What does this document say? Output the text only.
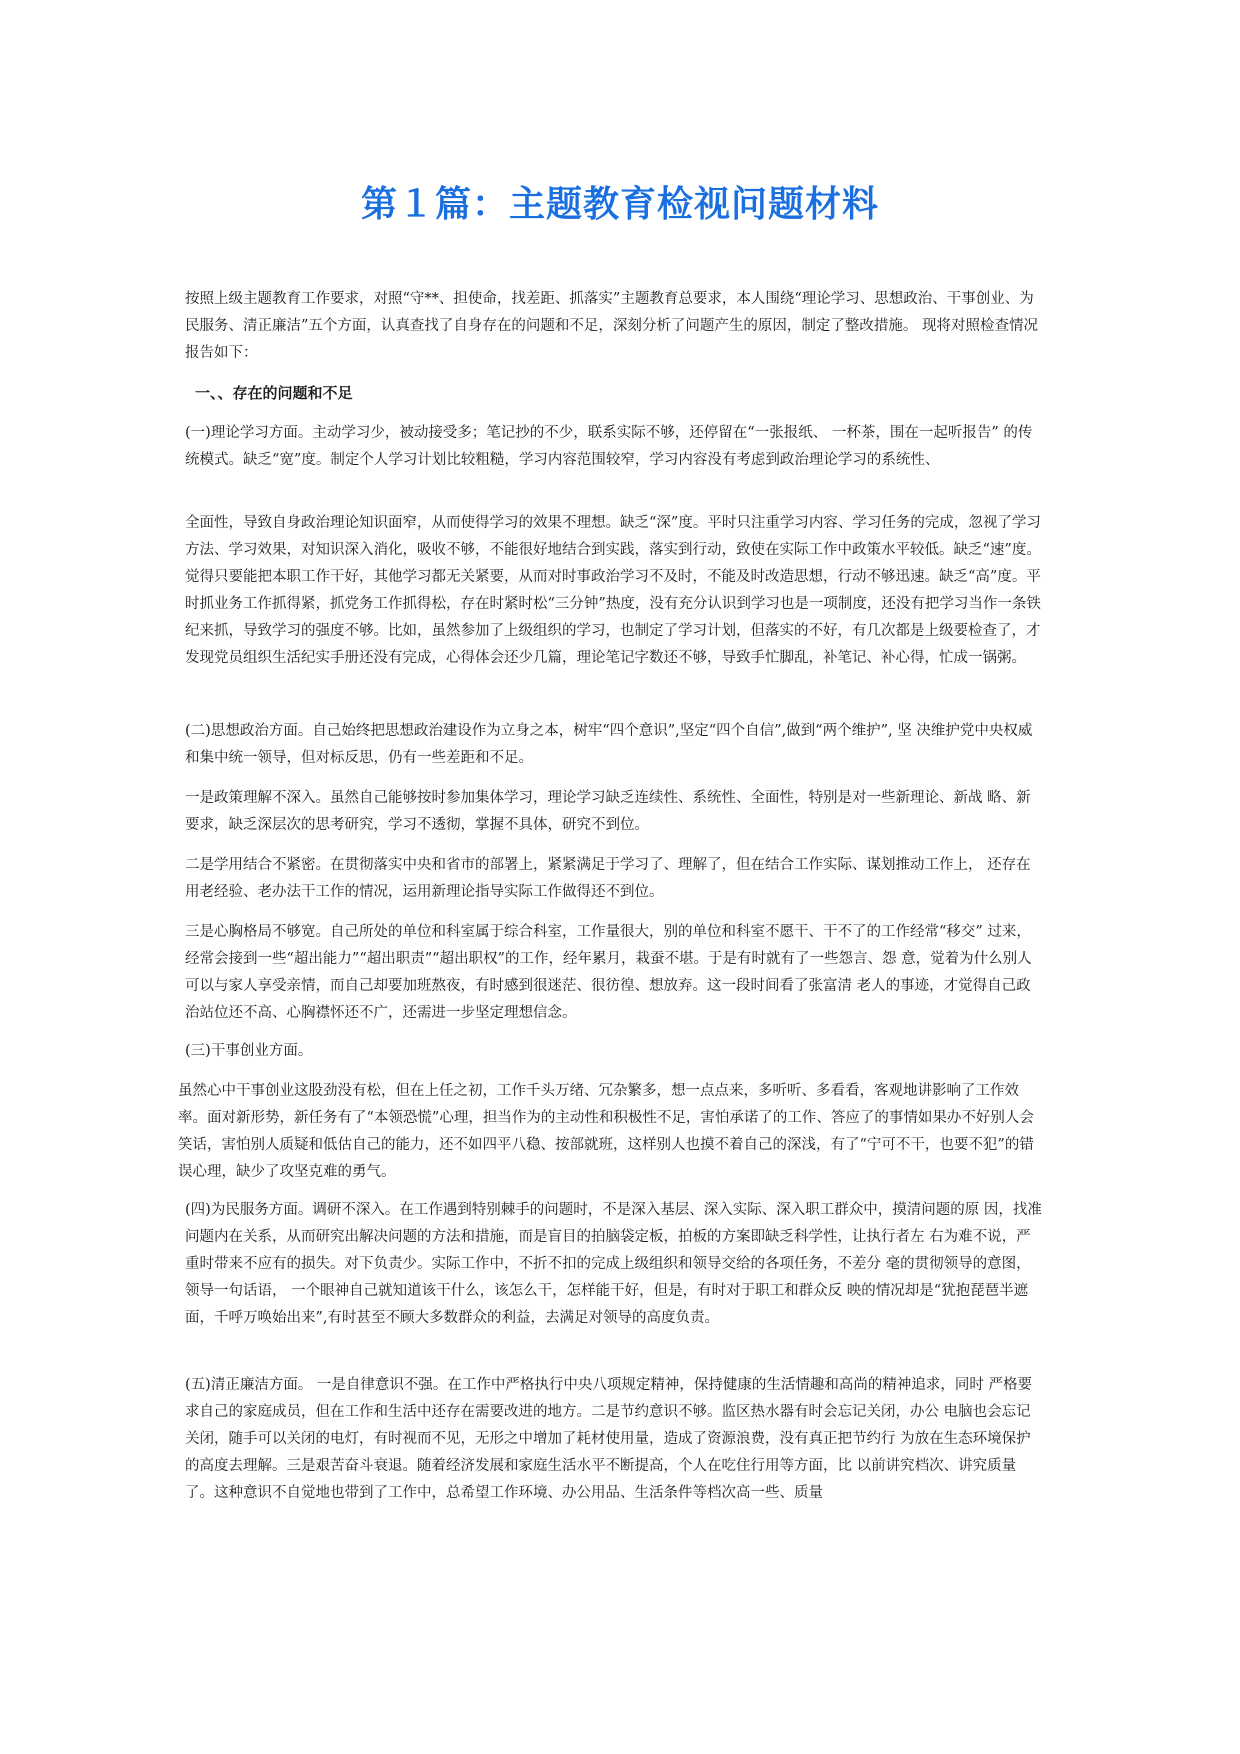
第１篇：主题教育检视问题材料

按照上级主题教育工作要求，对照“守**、担使命，找差距、抓落实”主题教育总要求，本人围绕“理论学习、思想政治、干事创业、为民服务、清正廉洁”五个方面，认真查找了自身存在的问题和不足，深刻分析了问题产生的原因，制定了整改措施。 现将对照检查情况报告如下：

一、、存在的问题和不足

(一)理论学习方面。主动学习少，被动接受多；笔记抄的不少，联系实际不够，还停留在“一张报纸、 一杯茶，围在一起听报告” 的传统模式。缺乏“宽”度。制定个人学习计划比较粗糙，学习内容范围较窄，学习内容没有考虑到政治理论学习的系统性、

全面性，导致自身政治理论知识面窄，从而使得学习的效果不理想。缺乏“深”度。平时只注重学习内容、学习任务的完成，忽视了学习方法、学习效果，对知识深入消化，吸收不够，不能很好地结合到实践，落实到行动，致使在实际工作中政策水平较低。缺乏“速”度。觉得只要能把本职工作干好，其他学习都无关紧要，从而对时事政治学习不及时，不能及时改造思想，行动不够迅速。缺乏“高”度。平时抓业务工作抓得紧，抓党务工作抓得松，存在时紧时松“三分钟”热度，没有充分认识到学习也是一项制度，还没有把学习当作一条铁纪来抓，导致学习的强度不够。比如，虽然参加了上级组织的学习，也制定了学习计划，但落实的不好，有几次都是上级要检查了，才发现党员组织生活纪实手册还没有完成，心得体会还少几篇，理论笔记字数还不够，导致手忙脚乱，补笔记、补心得，忙成一锅粥。

(二)思想政治方面。自己始终把思想政治建设作为立身之本，树牢“四个意识”,坚定“四个自信”,做到“两个维护”, 坚 决维护党中央权威和集中统一领导，但对标反思，仍有一些差距和不足。

一是政策理解不深入。虽然自己能够按时参加集体学习，理论学习缺乏连续性、系统性、全面性，特别是对一些新理论、新战 略、新要求，缺乏深层次的思考研究，学习不透彻，掌握不具体，研究不到位。

二是学用结合不紧密。在贯彻落实中央和省市的部署上，紧紧满足于学习了、理解了，但在结合工作实际、谋划推动工作上， 还存在用老经验、老办法干工作的情况，运用新理论指导实际工作做得还不到位。

三是心胸格局不够宽。自己所处的单位和科室属于综合科室，工作量很大，别的单位和科室不愿干、干不了的工作经常“移交” 过来，经常会接到一些“超出能力”“超出职责”“超出职权”的工作，经年累月，栽蚕不堪。于是有时就有了一些怨言、怨 意，觉着为什么别人可以与家人享受亲情，而自己却要加班熬夜，有时感到很迷茫、很彷徨、想放弃。这一段时间看了张富清 老人的事迹，才觉得自己政治站位还不高、心胸襟怀还不广，还需进一步坚定理想信念。

(三)干事创业方面。

虽然心中干事创业这股劲没有松，但在上任之初，工作千头万绪、冗杂繁多，想一点点来，多听听、多看看，客观地讲影响了工作效率。面对新形势，新任务有了“本领恐慌”心理，担当作为的主动性和积极性不足，害怕承诺了的工作、答应了的事情如果办不好别人会笑话，害怕别人质疑和低估自己的能力，还不如四平八稳、按部就班，这样别人也摸不着自己的深浅，有了“宁可不干，也要不犯”的错误心理，缺少了攻坚克难的勇气。

(四)为民服务方面。调研不深入。在工作遇到特别棘手的问题时，不是深入基层、深入实际、深入职工群众中，摸清问题的原 因，找准问题内在关系，从而研究出解决问题的方法和措施，而是盲目的拍脑袋定板，拍板的方案即缺乏科学性，让执行者左 右为难不说，严重时带来不应有的损失。对下负责少。实际工作中，不折不扣的完成上级组织和领导交给的各项任务，不差分 毫的贯彻领导的意图，领导一句话语， 一个眼神自己就知道该干什么，该怎么干，怎样能干好，但是，有时对于职工和群众反 映的情况却是“犹抱琵琶半遮面，千呼万唤始出来”,有时甚至不顾大多数群众的利益，去满足对领导的高度负责。

(五)清正廉洁方面。 一是自律意识不强。在工作中严格执行中央八项规定精神，保持健康的生活情趣和高尚的精神追求，同时 严格要求自己的家庭成员，但在工作和生活中还存在需要改进的地方。二是节约意识不够。监区热水器有时会忘记关闭，办公 电脑也会忘记关闭，随手可以关闭的电灯，有时视而不见，无形之中增加了耗材使用量，造成了资源浪费，没有真正把节约行 为放在生态环境保护的高度去理解。三是艰苦奋斗衰退。随着经济发展和家庭生活水平不断提高，个人在吃住行用等方面，比 以前讲究档次、讲究质量了。这种意识不自觉地也带到了工作中，总希望工作环境、办公用品、生活条件等档次高一些、质量
